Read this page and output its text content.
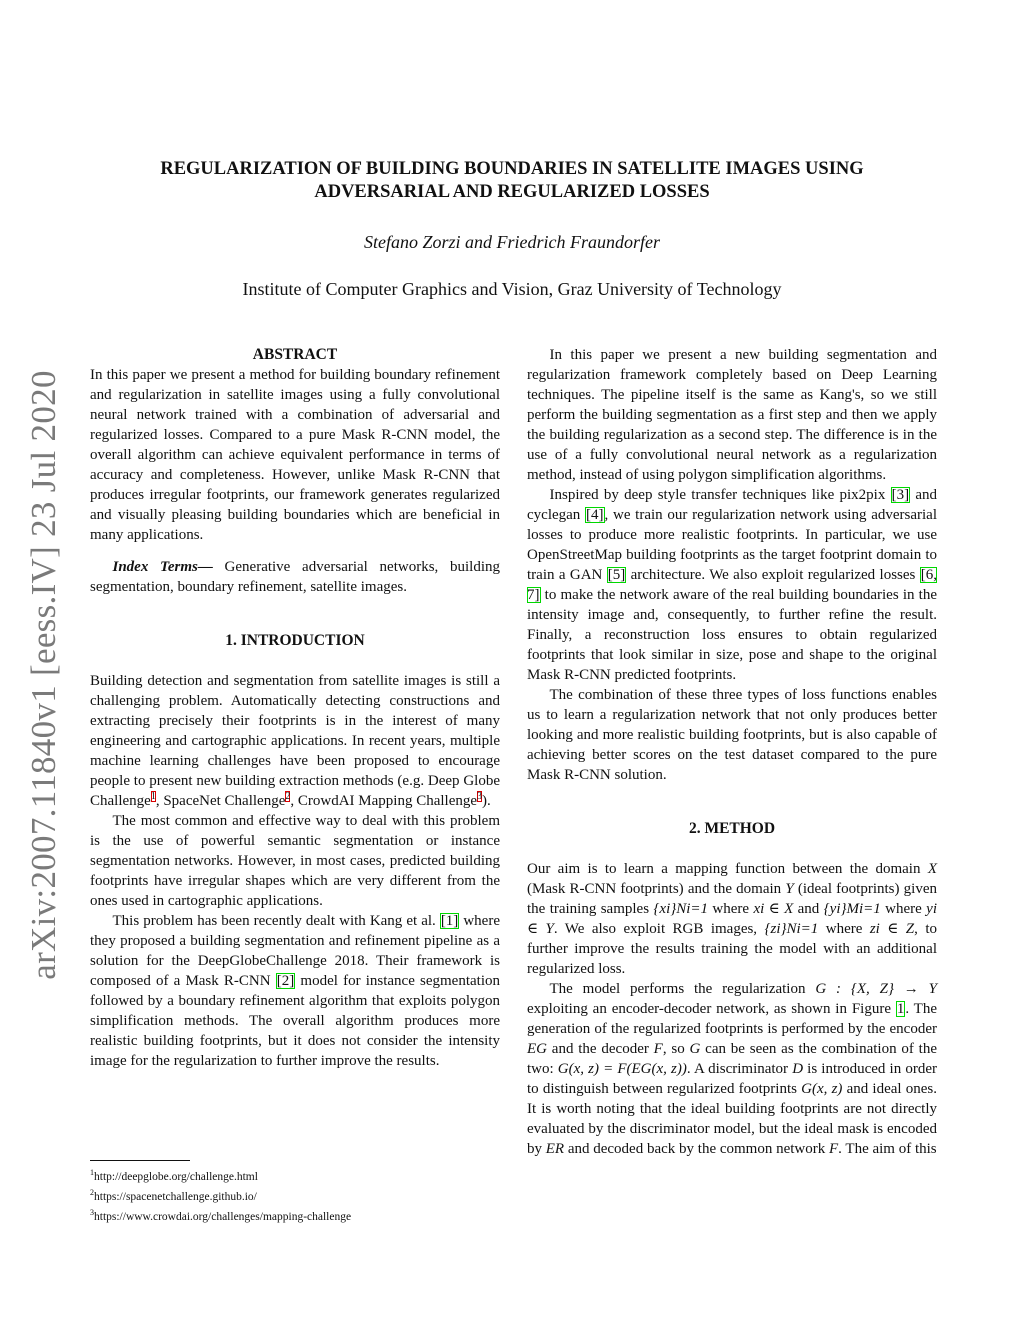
arXiv:2007.11840v1 [eess.IV] 23 Jul 2020
REGULARIZATION OF BUILDING BOUNDARIES IN SATELLITE IMAGES USING
ADVERSARIAL AND REGULARIZED LOSSES
Stefano Zorzi and Friedrich Fraundorfer
Institute of Computer Graphics and Vision, Graz University of Technology
ABSTRACT

In this paper we present a method for building boundary refinement and regularization in satellite images using a fully convolutional neural network trained with a combination of adversarial and regularized losses. Compared to a pure Mask R-CNN model, the overall algorithm can achieve equivalent performance in terms of accuracy and completeness. However, unlike Mask R-CNN that produces irregular footprints, our framework generates regularized and visually pleasing building boundaries which are beneficial in many applications.

Index Terms— Generative adversarial networks, building segmentation, boundary refinement, satellite images.

1. INTRODUCTION

Building detection and segmentation from satellite images is still a challenging problem. Automatically detecting constructions and extracting precisely their footprints is in the interest of many engineering and cartographic applications. In recent years, multiple machine learning challenges have been proposed to encourage people to present new building extraction methods (e.g. Deep Globe Challenge$^1$, SpaceNet Challenge$^2$, CrowdAI Mapping Challenge$^3$).

The most common and effective way to deal with this problem is the use of powerful semantic segmentation or instance segmentation networks. However, in most cases, predicted building footprints have irregular shapes which are very different from the ones used in cartographic applications.

This problem has been recently dealt with Kang et al. [1] where they proposed a building segmentation and refinement pipeline as a solution for the DeepGlobeChallenge 2018. Their framework is composed of a Mask R-CNN [2] model for instance segmentation followed by a boundary refinement algorithm that exploits polygon simplification methods. The overall algorithm produces more realistic building footprints, but it does not consider the intensity image for the regularization to further improve the results.

$^1$http://deepglobe.org/challenge.html
$^2$https://spacenetchallenge.github.io/
$^3$https://www.crowdai.org/challenges/mapping-challenge

In this paper we present a new building segmentation and regularization framework completely based on Deep Learning techniques. The pipeline itself is the same as Kang's, so we still perform the building segmentation as a first step and then we apply the building regularization as a second step. The difference is in the use of a fully convolutional neural network as a regularization method, instead of using polygon simplification algorithms.

Inspired by deep style transfer techniques like pix2pix [3] and cyclegan [4], we train our regularization network using adversarial losses to produce more realistic footprints. In particular, we use OpenStreetMap building footprints as the target footprint domain to train a GAN [5] architecture. We also exploit regularized losses [6, 7] to make the network aware of the real building boundaries in the intensity image and, consequently, to further refine the result. Finally, a reconstruction loss ensures to obtain regularized footprints that look similar in size, pose and shape to the original Mask R-CNN predicted footprints.

The combination of these three types of loss functions enables us to learn a regularization network that not only produces better looking and more realistic building footprints, but is also capable of achieving better scores on the test dataset compared to the pure Mask R-CNN solution.

2. METHOD

Our aim is to learn a mapping function between the domain X (Mask R-CNN footprints) and the domain Y (ideal footprints) given the training samples {xi}Ni=1 where xi ∈ X and {yi}Mi=1 where yi ∈ Y. We also exploit RGB images, {zi}Ni=1 where zi ∈ Z, to further improve the results training the model with an additional regularized loss.

The model performs the regularization G : {X, Z} → Y exploiting an encoder-decoder network, as shown in Figure 1. The generation of the regularized footprints is performed by the encoder EG and the decoder F, so G can be seen as the combination of the two: G(x, z) = F(EG(x, z)). A discriminator D is introduced in order to distinguish between regularized footprints G(x, z) and ideal ones. It is worth noting that the ideal building footprints are not directly evaluated by the discriminator model, but the ideal mask is encoded by ER and decoded back by the common network F. The aim of this
